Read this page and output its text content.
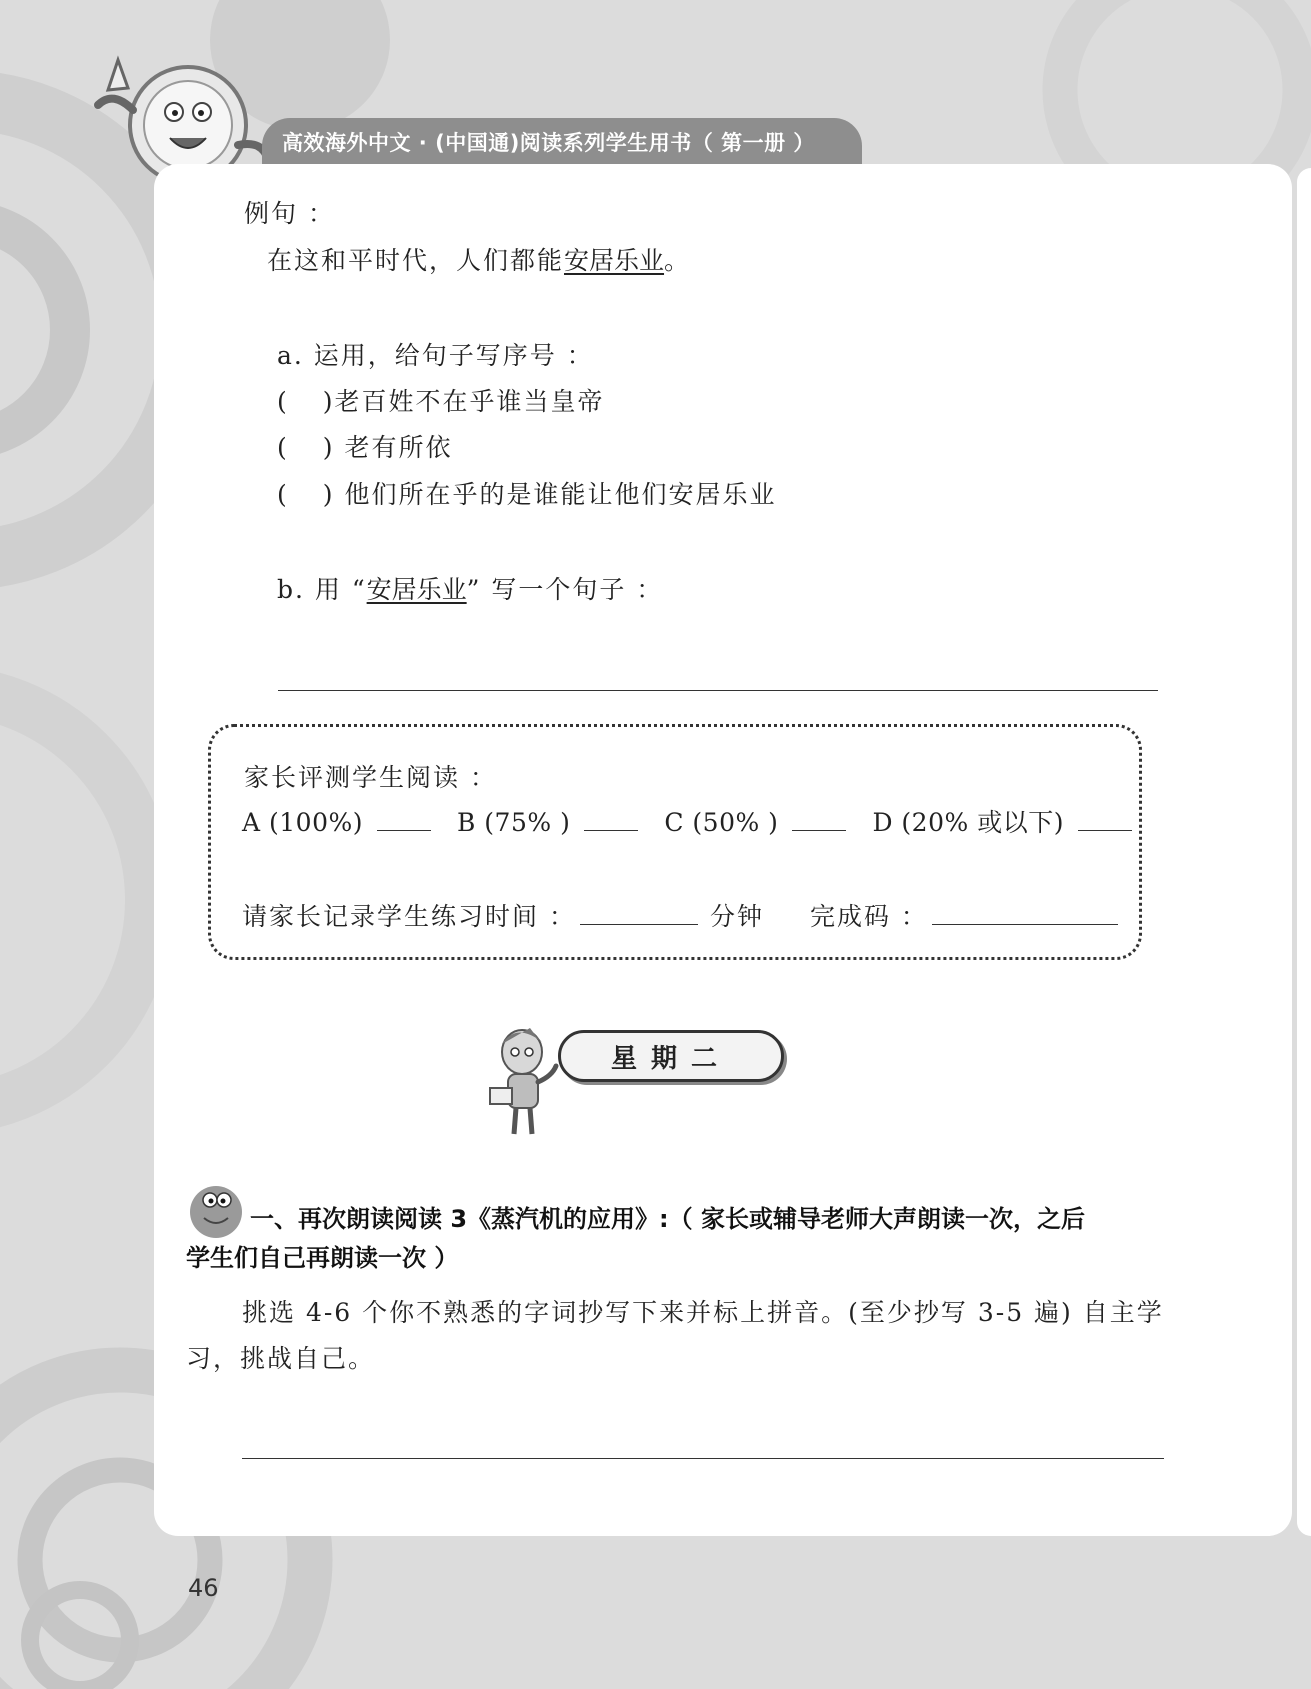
高效海外中文 · (中国通)阅读系列学生用书（ 第一册 ）
例句 ：
在这和平时代，人们都能安居乐业。
a. 运用，给句子写序号 ：
( )老百姓不在乎谁当皇帝
( ) 老有所依
( ) 他们所在乎的是谁能让他们安居乐业
b. 用 “安居乐业” 写一个句子 ：
家长评测学生阅读 ：
A (100%)	B (75% )	C (50% )	D (20% 或以下)
请家长记录学生练习时间 ：	分钟 完成码 ：
星期二
一、再次朗读阅读 3《蒸汽机的应用》:（ 家长或辅导老师大声朗读一次，之后
学生们自己再朗读一次 ）
挑选 4-6 个你不熟悉的字词抄写下来并标上拼音。(至少抄写 3-5 遍) 自主学
习，挑战自己。
46
